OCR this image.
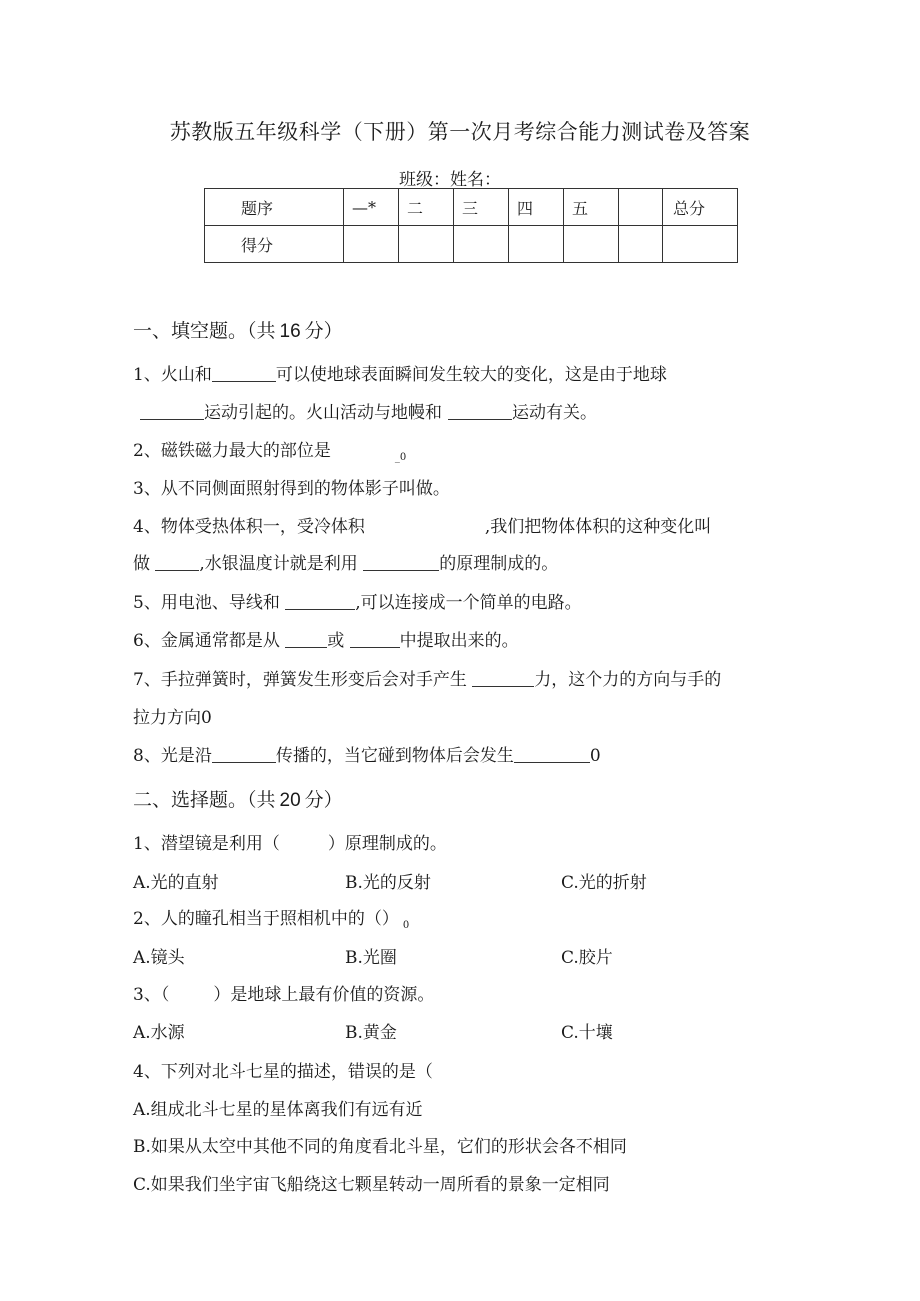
苏教版五年级科学（下册）第一次月考综合能力测试卷及答案
班级：姓名：
题序	—*	二	三	四	五		总分
得分							
一、填空题。（共 16 分）
1、火山和	可以使地球表面瞬间发生较大的变化，这是由于地球
运动引起的。火山活动与地幔和	运动有关。
2、磁铁磁力最大的部位是	$_{\_0}$
3、从不同侧面照射得到的物体影子叫做。
4、物体受热体积一，受冷体积	,我们把物体体积的这种变化叫
做	,水银温度计就是利用	的原理制成的。
5、用电池、导线和	,可以连接成一个简单的电路。
6、金属通常都是从	或	中提取出来的。
7、手拉弹簧时，弹簧发生形变后会对手产生	力，这个力的方向与手的
拉力方向0
8、光是沿	传播的，当它碰到物体后会发生	0
二、选择题。（共 20 分）
1、潜望镜是利用（	）原理制成的。
A.光的直射	B.光的反射	C.光的折射
2、人的瞳孔相当于照相机中的（） $_0$
A.镜头	B.光圈	C.胶片
3、（	）是地球上最有价值的资源。
A.水源	B.黄金	C.十壤
4、下列对北斗七星的描述，错误的是（
A.组成北斗七星的星体离我们有远有近
B.如果从太空中其他不同的角度看北斗星，它们的形状会各不相同
C.如果我们坐宇宙飞船绕这七颗星转动一周所看的景象一定相同
